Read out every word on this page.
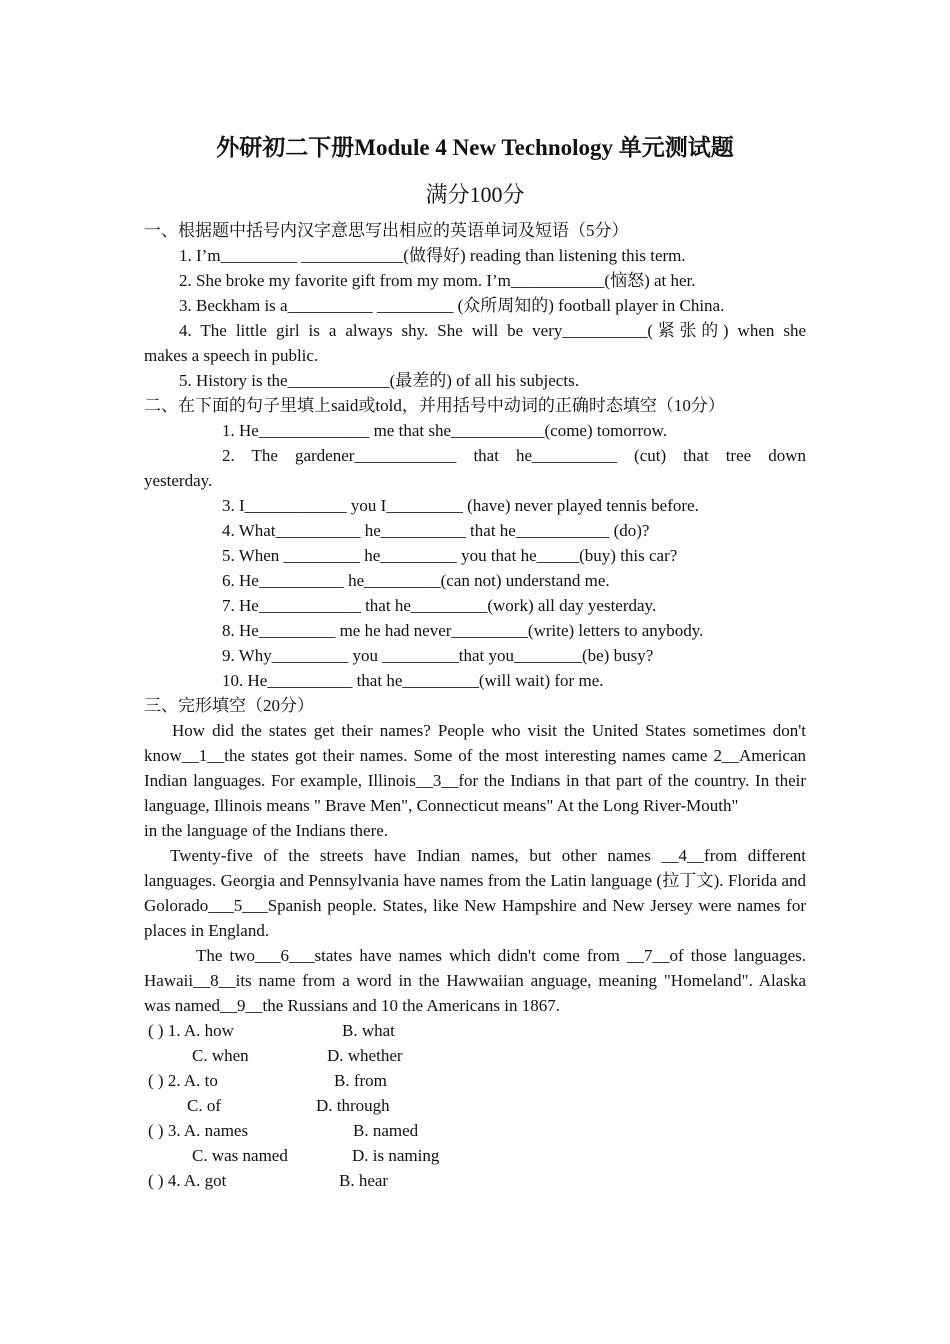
外研初二下册Module 4 New Technology 单元测试题
满分100分
一、根据题中括号内汉字意思写出相应的英语单词及短语（5分）
1. I’m_________ ____________(做得好) reading than listening this term.
2. She broke my favorite gift from my mom. I’m___________(恼怒) at her.
3. Beckham is a__________ _________ (众所周知的) football player in China.
4. The little girl is a always shy. She will be very__________(紧张的) when she
makes a speech in public.
5. History is the____________(最差的) of all his subjects.
二、在下面的句子里填上said或told，并用括号中动词的正确时态填空（10分）
1. He_____________ me that she___________(come) tomorrow.
2. The gardener____________ that he__________ (cut) that tree down
yesterday.
3. I____________ you I_________ (have) never played tennis before.
4. What__________ he__________ that he___________ (do)?
5. When _________ he_________ you that he_____(buy) this car?
6. He__________ he_________(can not) understand me.
7. He____________ that he_________(work) all day yesterday.
8. He_________ me he had never_________(write) letters to anybody.
9. Why_________ you _________that you________(be) busy?
10. He__________ that he_________(will wait) for me.
三、完形填空（20分）
How did the states get their names? People who visit the United States sometimes don't know__1__the states got their names. Some of the most interesting names came 2__American Indian languages. For example, Illinois__3__for the Indians in that part of the country. In their language, Illinois means " Brave Men", Connecticut means" At the Long River-Mouth"
in the language of the Indians there.
Twenty-five of the streets have Indian names, but other names __4__from different languages. Georgia and Pennsylvania have names from the Latin language (拉丁文). Florida and Golorado___5___Spanish people. States, like New Hampshire and New Jersey were names for places in England.
The two___6___states have names which didn't come from __7__of those languages. Hawaii__8__its name from a word in the Hawwaiian anguage, meaning "Homeland". Alaska was named__9__the Russians and 10 the Americans in 1867.
( ) 1. A. how	B. what
C. when	D. whether
( ) 2. A. to	B. from
C. of	D. through
( ) 3. A. names	B. named
C. was named	D. is naming
( ) 4. A. got	B. hear
